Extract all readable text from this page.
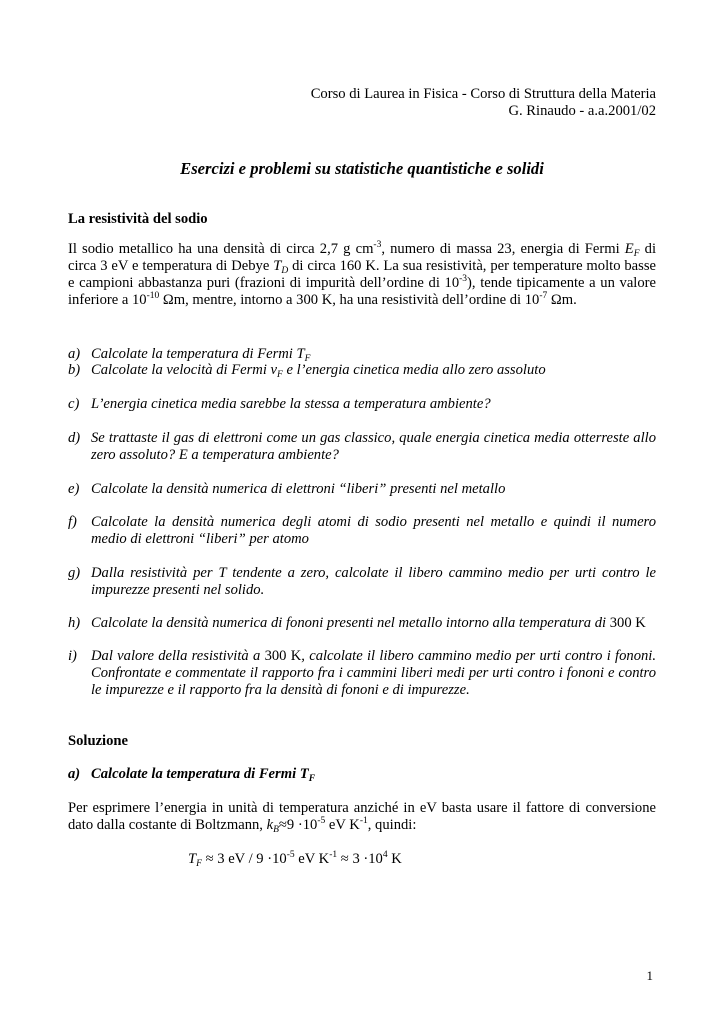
Corso di Laurea in Fisica - Corso di Struttura della Materia
G. Rinaudo - a.a.2001/02
Esercizi e problemi su statistiche quantistiche e solidi
La resistività del sodio
Il sodio metallico ha una densità di circa 2,7 g $cm^{-3}$, numero di massa 23, energia di Fermi $E_F$ di circa 3 eV e temperatura di Debye $T_D$ di circa 160 K. La sua resistività, per temperature molto basse e campioni abbastanza puri (frazioni di impurità dell’ordine di $10^{-3}$), tende tipicamente a un valore inferiore a $10^{-10}$ Ωm, mentre, intorno a 300 K, ha una resistività dell’ordine di $10^{-7}$ Ωm.
a) Calcolate la temperatura di Fermi $T_F$
b) Calcolate la velocità di Fermi $v_F$ e l’energia cinetica media allo zero assoluto
c) L’energia cinetica media sarebbe la stessa a temperatura ambiente?
d) Se trattaste il gas di elettroni come un gas classico, quale energia cinetica media otterreste allo zero assoluto? E a temperatura ambiente?
e) Calcolate la densità numerica di elettroni “liberi” presenti nel metallo
f) Calcolate la densità numerica degli atomi di sodio presenti nel metallo e quindi il numero medio di elettroni “liberi” per atomo
g) Dalla resistività per T tendente a zero, calcolate il libero cammino medio per urti contro le impurezze presenti nel solido.
h) Calcolate la densità numerica di fononi presenti nel metallo intorno alla temperatura di 300 K
i) Dal valore della resistività a 300 K, calcolate il libero cammino medio per urti contro i fononi. Confrontate e commentate il rapporto fra i cammini liberi medi per urti contro i fononi e contro le impurezze e il rapporto fra la densità di fononi e di impurezze.
Soluzione
a) Calcolate la temperatura di Fermi $T_F$
Per esprimere l’energia in unità di temperatura anziché in eV basta usare il fattore di conversione dato dalla costante di Boltzmann, $k_B\approx 9 \cdot 10^{-5}$ eV $K^{-1}$, quindi:
$T_F \approx 3$ eV / $9 \cdot 10^{-5}$ eV $K^{-1} \approx 3 \cdot 10^4$ K
1
